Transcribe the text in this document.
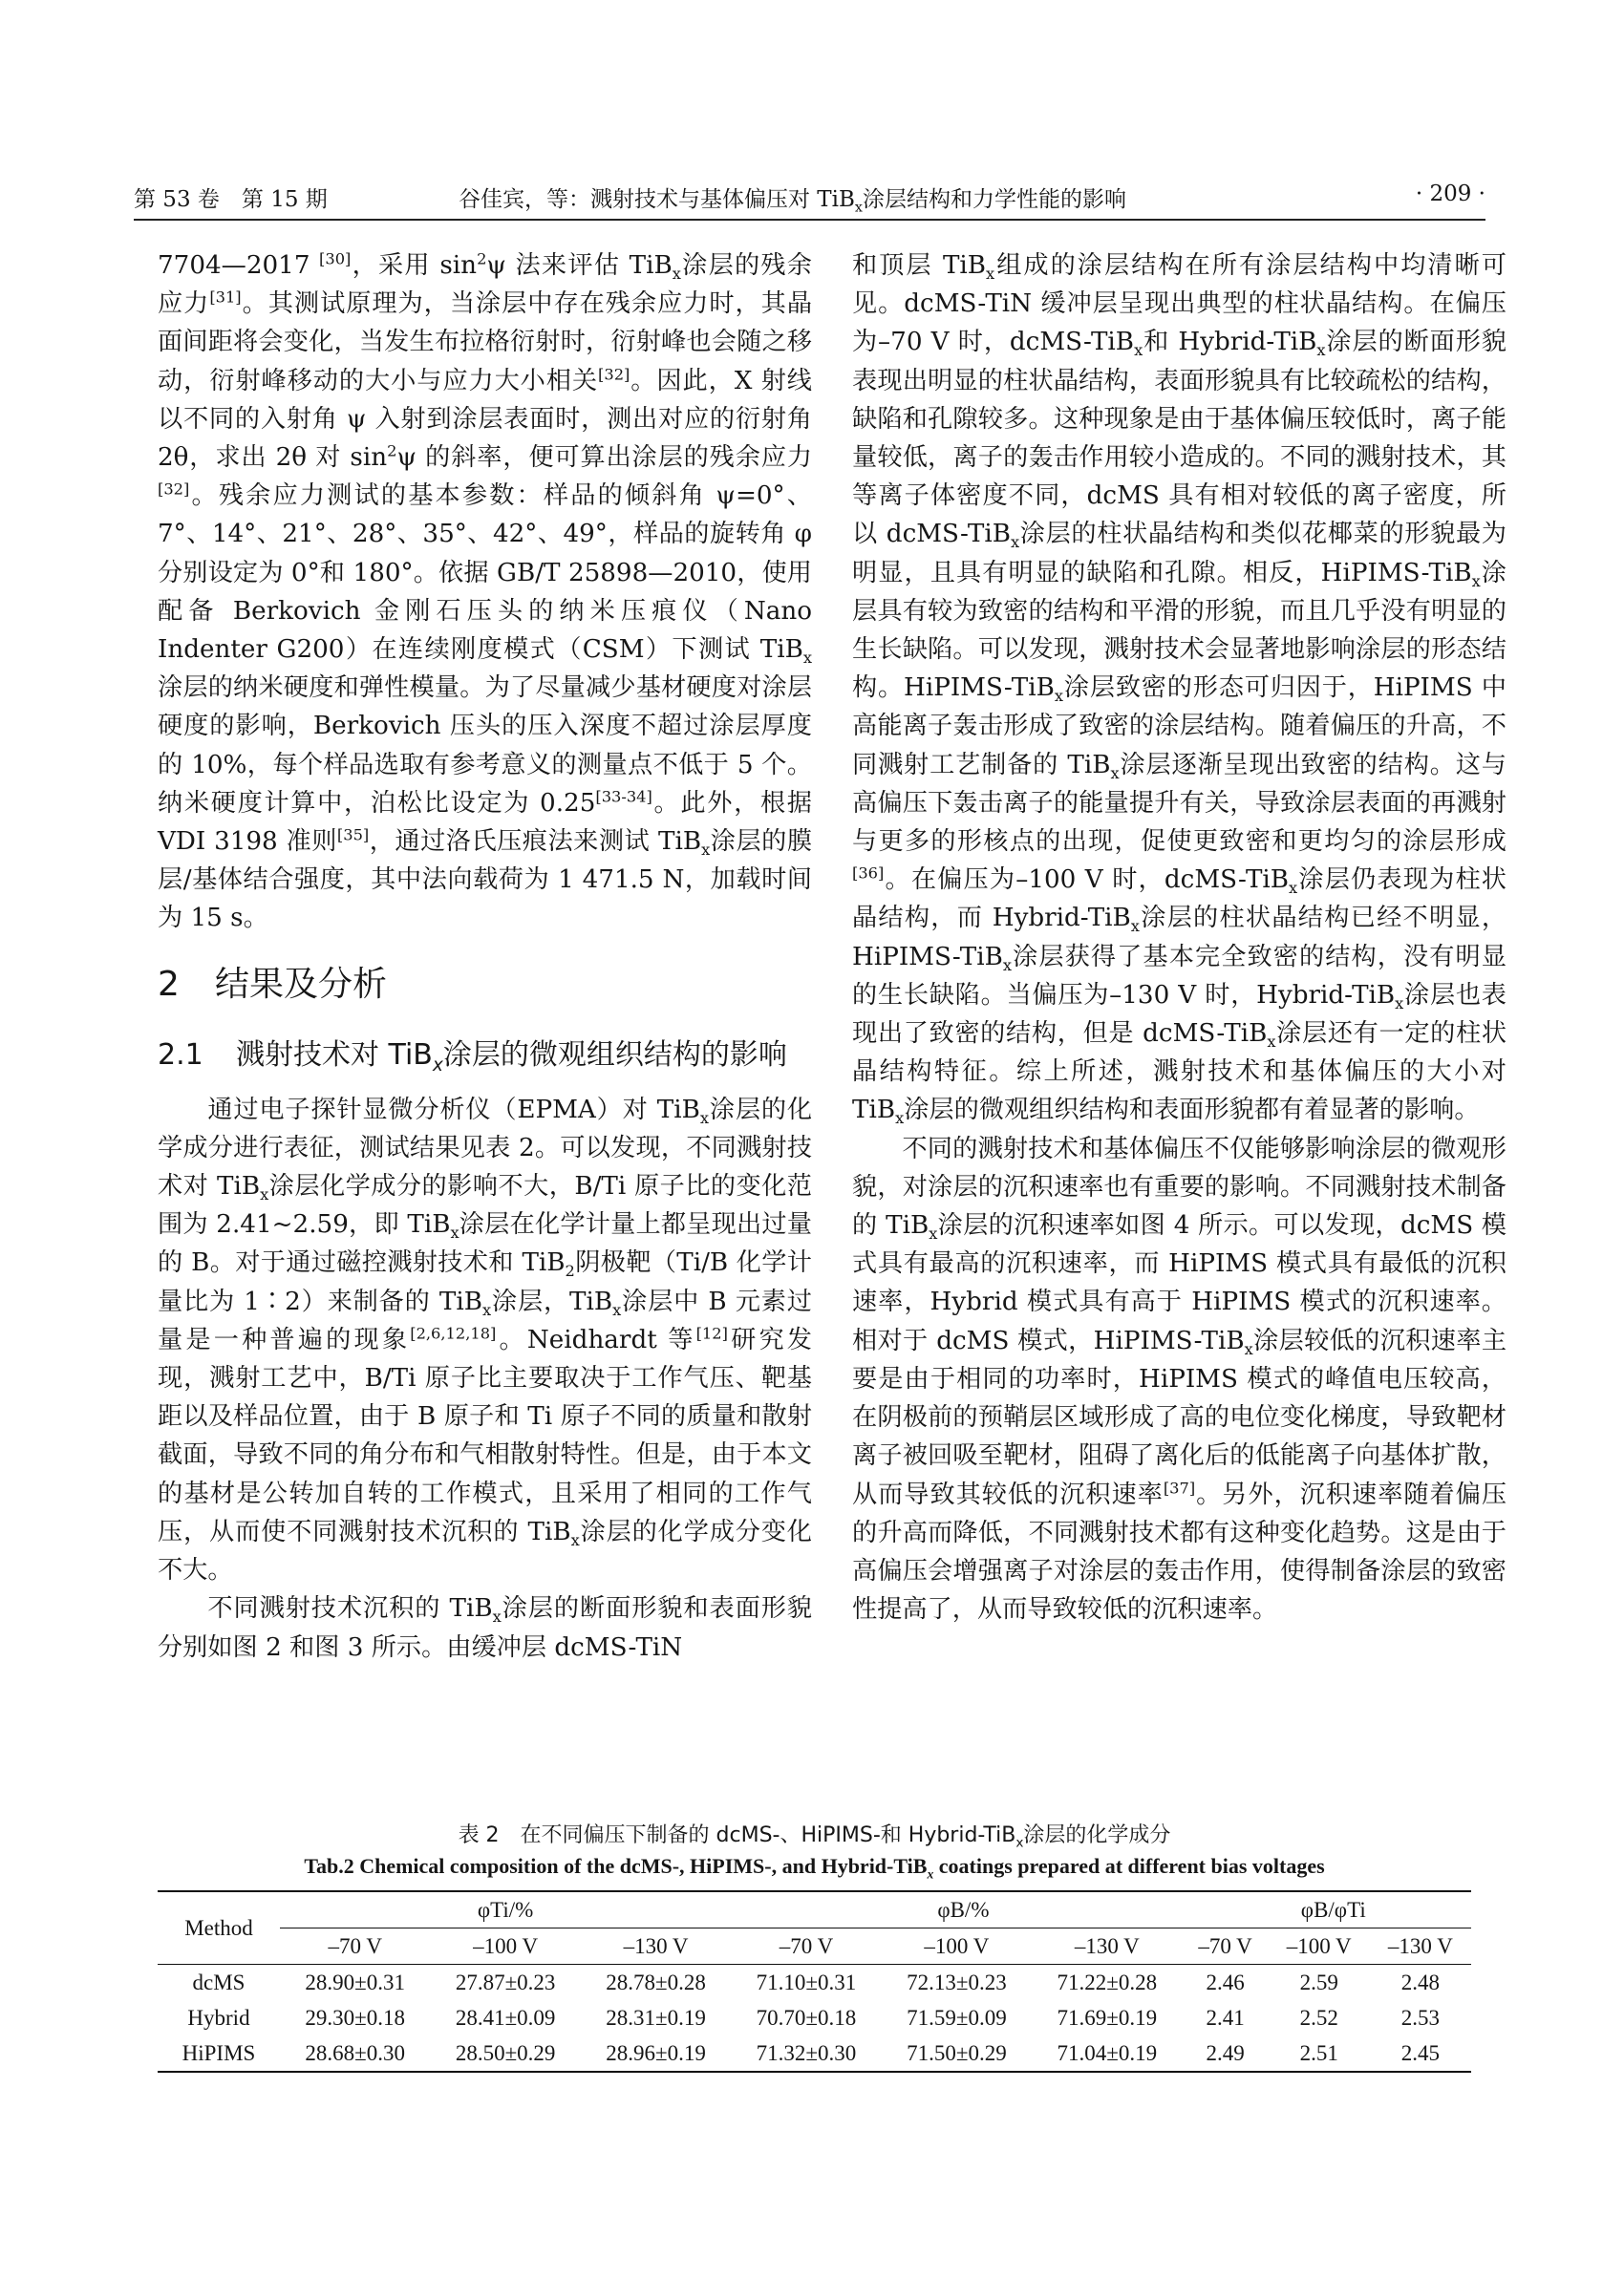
第 53 卷　第 15 期	谷佳宾，等：溅射技术与基体偏压对 TiB$_x$涂层结构和力学性能的影响	· 209 ·

7704—2017 [30]，采用 $\sin^2\psi$ 法来评估 TiB$_x$涂层的残余应力[31]。其测试原理为，当涂层中存在残余应力时，其晶面间距将会变化，当发生布拉格衍射时，衍射峰也会随之移动，衍射峰移动的大小与应力大小相关[32]。因此，X 射线以不同的入射角 ψ 入射到涂层表面时，测出对应的衍射角 2θ，求出 2θ 对 $\sin^2\psi$ 的斜率，便可算出涂层的残余应力[32]。残余应力测试的基本参数：样品的倾斜角 ψ=0°、7°、14°、21°、28°、35°、42°、49°，样品的旋转角 φ 分别设定为 0°和 180°。依据 GB/T 25898—2010，使用配备 Berkovich 金刚石压头的纳米压痕仪（Nano Indenter G200）在连续刚度模式（CSM）下测试 TiB$_x$涂层的纳米硬度和弹性模量。为了尽量减少基材硬度对涂层硬度的影响，Berkovich 压头的压入深度不超过涂层厚度的 10%，每个样品选取有参考意义的测量点不低于 5 个。纳米硬度计算中，泊松比设定为 0.25[33-34]。此外，根据 VDI 3198 准则[35]，通过洛氏压痕法来测试 TiB$_x$涂层的膜层/基体结合强度，其中法向载荷为 1 471.5 N，加载时间为 15 s。

2 结果及分析
2.1	溅射技术对 TiB$_x$涂层的微观组织结构的影响

通过电子探针显微分析仪（EPMA）对 TiB$_x$涂层的化学成分进行表征，测试结果见表 2。可以发现，不同溅射技术对 TiB$_x$涂层化学成分的影响不大，B/Ti 原子比的变化范围为 2.41~2.59，即 TiB$_x$涂层在化学计量上都呈现出过量的 B。对于通过磁控溅射技术和 TiB$_2$阴极靶（Ti/B 化学计量比为 1∶2）来制备的 TiB$_x$涂层，TiB$_x$涂层中 B 元素过量是一种普遍的现象[2,6,12,18]。Neidhardt 等[12]研究发现，溅射工艺中，B/Ti 原子比主要取决于工作气压、靶基距以及样品位置，由于 B 原子和 Ti 原子不同的质量和散射截面，导致不同的角分布和气相散射特性。但是，由于本文的基材是公转加自转的工作模式，且采用了相同的工作气压，从而使不同溅射技术沉积的 TiB$_x$涂层的化学成分变化不大。

不同溅射技术沉积的 TiB$_x$涂层的断面形貌和表面形貌分别如图 2 和图 3 所示。由缓冲层 dcMS-TiN

和顶层 TiB$_x$组成的涂层结构在所有涂层结构中均清晰可见。dcMS-TiN 缓冲层呈现出典型的柱状晶结构。在偏压为–70 V 时，dcMS-TiB$_x$和 Hybrid-TiB$_x$涂层的断面形貌表现出明显的柱状晶结构，表面形貌具有比较疏松的结构，缺陷和孔隙较多。这种现象是由于基体偏压较低时，离子能量较低，离子的轰击作用较小造成的。不同的溅射技术，其等离子体密度不同，dcMS 具有相对较低的离子密度，所以 dcMS-TiB$_x$涂层的柱状晶结构和类似花椰菜的形貌最为明显，且具有明显的缺陷和孔隙。相反，HiPIMS-TiB$_x$涂层具有较为致密的结构和平滑的形貌，而且几乎没有明显的生长缺陷。可以发现，溅射技术会显著地影响涂层的形态结构。HiPIMS-TiB$_x$涂层致密的形态可归因于，HiPIMS 中高能离子轰击形成了致密的涂层结构。随着偏压的升高，不同溅射工艺制备的 TiB$_x$涂层逐渐呈现出致密的结构。这与高偏压下轰击离子的能量提升有关，导致涂层表面的再溅射与更多的形核点的出现，促使更致密和更均匀的涂层形成[36]。在偏压为–100 V 时，dcMS-TiB$_x$涂层仍表现为柱状晶结构，而 Hybrid-TiB$_x$涂层的柱状晶结构已经不明显，HiPIMS-TiB$_x$涂层获得了基本完全致密的结构，没有明显的生长缺陷。当偏压为–130 V 时，Hybrid-TiB$_x$涂层也表现出了致密的结构，但是 dcMS-TiB$_x$涂层还有一定的柱状晶结构特征。综上所述，溅射技术和基体偏压的大小对 TiB$_x$涂层的微观组织结构和表面形貌都有着显著的影响。

不同的溅射技术和基体偏压不仅能够影响涂层的微观形貌，对涂层的沉积速率也有重要的影响。不同溅射技术制备的 TiB$_x$涂层的沉积速率如图 4 所示。可以发现，dcMS 模式具有最高的沉积速率，而 HiPIMS 模式具有最低的沉积速率，Hybrid 模式具有高于 HiPIMS 模式的沉积速率。相对于 dcMS 模式，HiPIMS-TiB$_x$涂层较低的沉积速率主要是由于相同的功率时，HiPIMS 模式的峰值电压较高，在阴极前的预鞘层区域形成了高的电位变化梯度，导致靶材离子被回吸至靶材，阻碍了离化后的低能离子向基体扩散，从而导致其较低的沉积速率[37]。另外，沉积速率随着偏压的升高而降低，不同溅射技术都有这种变化趋势。这是由于高偏压会增强离子对涂层的轰击作用，使得制备涂层的致密性提高了，从而导致较低的沉积速率。

表 2　在不同偏压下制备的 dcMS-、HiPIMS-和 Hybrid-TiB$_x$涂层的化学成分
Tab.2 Chemical composition of the dcMS-, HiPIMS-, and Hybrid-TiB$_x$ coatings prepared at different bias voltages
Method	φTi/%			φB/%			φB/φTi		
	–70 V	–100 V	–130 V	–70 V	–100 V	–130 V	–70 V	–100 V	–130 V
dcMS	28.90±0.31	27.87±0.23	28.78±0.28	71.10±0.31	72.13±0.23	71.22±0.28	2.46	2.59	2.48
Hybrid	29.30±0.18	28.41±0.09	28.31±0.19	70.70±0.18	71.59±0.09	71.69±0.19	2.41	2.52	2.53
HiPIMS	28.68±0.30	28.50±0.29	28.96±0.19	71.32±0.30	71.50±0.29	71.04±0.19	2.49	2.51	2.45
